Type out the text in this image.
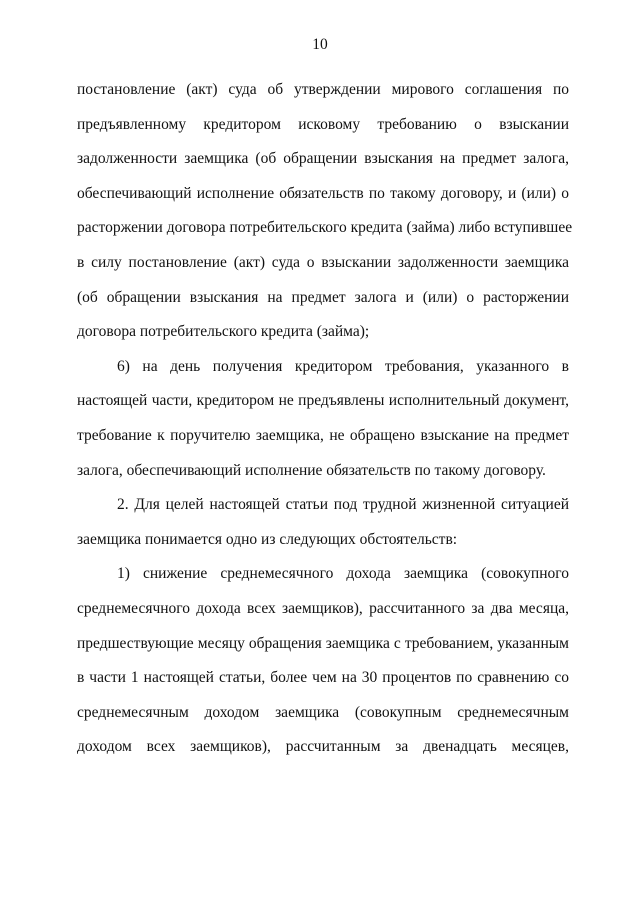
10
постановление (акт) суда об утверждении мирового соглашения по
предъявленному кредитором исковому требованию о взыскании
задолженности заемщика (об обращении взыскания на предмет залога,
обеспечивающий исполнение обязательств по такому договору, и (или) о
расторжении договора потребительского кредита (займа) либо вступившее
в силу постановление (акт) суда о взыскании задолженности заемщика
(об обращении взыскания на предмет залога и (или) о расторжении
договора потребительского кредита (займа);
6) на день получения кредитором требования, указанного в
настоящей части, кредитором не предъявлены исполнительный документ,
требование к поручителю заемщика, не обращено взыскание на предмет
залога, обеспечивающий исполнение обязательств по такому договору.
2. Для целей настоящей статьи под трудной жизненной ситуацией
заемщика понимается одно из следующих обстоятельств:
1) снижение среднемесячного дохода заемщика (совокупного
среднемесячного дохода всех заемщиков), рассчитанного за два месяца,
предшествующие месяцу обращения заемщика с требованием, указанным
в части 1 настоящей статьи, более чем на 30 процентов по сравнению со
среднемесячным доходом заемщика (совокупным среднемесячным
доходом всех заемщиков), рассчитанным за двенадцать месяцев,
